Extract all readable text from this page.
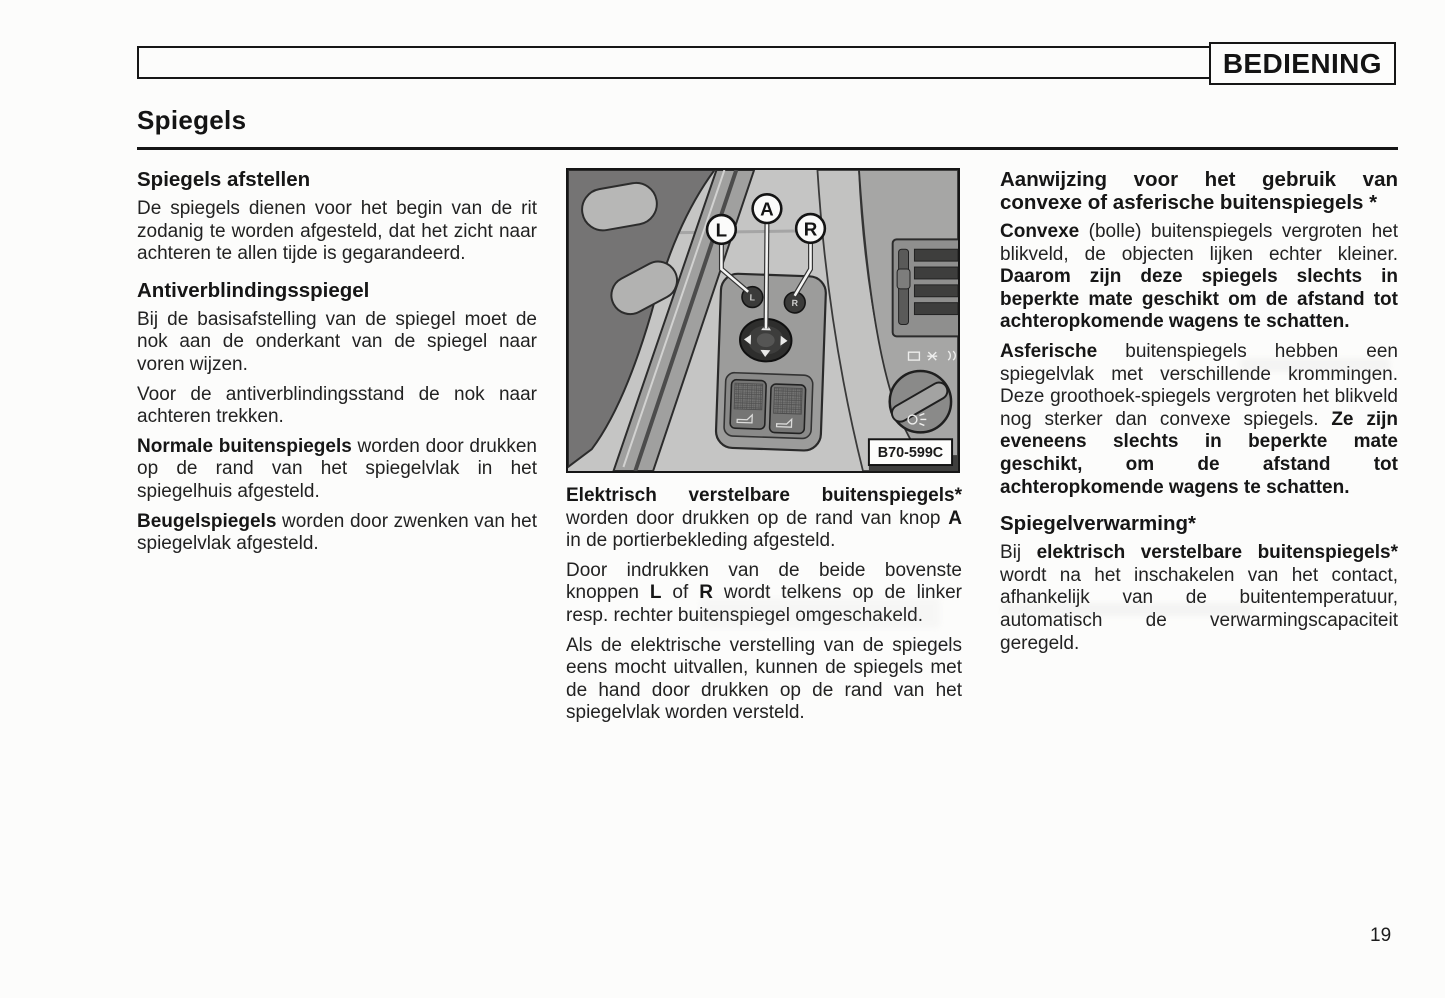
BEDIENING
Spiegels
Spiegels afstellen

De spiegels dienen voor het begin van de rit zodanig te worden afgesteld, dat het zicht naar achteren te allen tijde is gegarandeerd.

Antiverblindingsspiegel

Bij de basisafstelling van de spiegel moet de nok aan de onderkant van de spiegel naar voren wijzen.

Voor de antiverblindingsstand de nok naar achteren trekken.

Normale buitenspiegels worden door drukken op de rand van het spiegelvlak in het spiegelhuis afgesteld.

Beugelspiegels worden door zwenken van het spiegelvlak afgesteld.

L
R
L
A
R
B70-599C

Elektrisch verstelbare buitenspiegels* worden door drukken op de rand van knop A in de portierbekleding afgesteld.

Door indrukken van de beide bovenste knoppen L of R wordt telkens op de linker resp. rechter buitenspiegel omgeschakeld.

Als de elektrische verstelling van de spiegels eens mocht uitvallen, kunnen de spiegels met de hand door drukken op de rand van het spiegelvlak worden versteld.

Aanwijzing voor het gebruik van convexe of asferische buitenspiegels *

Convexe (bolle) buitenspiegels vergroten het blikveld, de objecten lijken echter kleiner. Daarom zijn deze spiegels slechts in beperkte mate geschikt om de afstand tot achteropkomende wagens te schatten.

Asferische buitenspiegels hebben een spiegelvlak met verschillende krommingen. Deze groothoek-spiegels vergroten het blikveld nog sterker dan convexe spiegels. Ze zijn eveneens slechts in beperkte mate geschikt, om de afstand tot achteropkomende wagens te schatten.

Spiegelverwarming*

Bij elektrisch verstelbare buitenspiegels* wordt na het inschakelen van het contact, afhankelijk van de buitentemperatuur, automatisch de verwarmingscapaciteit geregeld.

19
